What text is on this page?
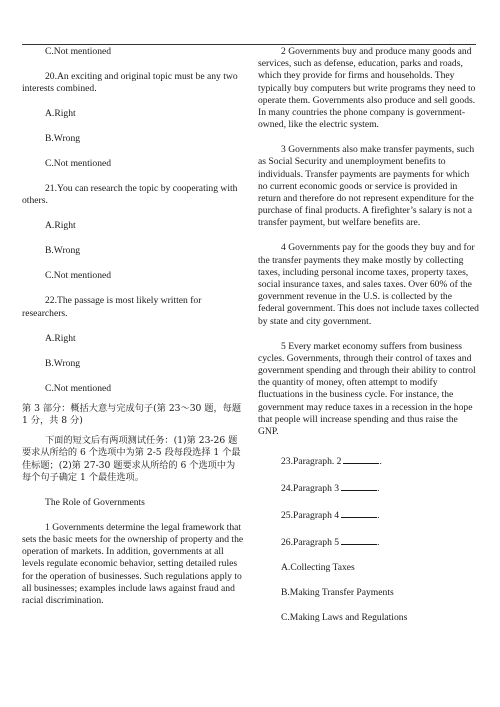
C.Not mentioned

20.An exciting and original topic must be any two interests combined.

A.Right

B.Wrong

C.Not mentioned

21.You can research the topic by cooperating with others.

A.Right

B.Wrong

C.Not mentioned

22.The passage is most likely written for researchers.

A.Right

B.Wrong

C.Not mentioned

第 3 部分：概括大意与完成句子(第 23～30 题，每题 1 分，共 8 分)

下面的短文后有两项测试任务：(1)第 23-26 题要求从所给的 6 个选项中为第 2-5 段每段选择 1 个最佳标题；(2)第 27-30 题要求从所给的 6 个选项中为每个句子确定 1 个最佳选项。

The Role of Governments

1 Governments determine the legal framework that sets the basic meets for the ownership of property and the operation of markets. In addition, governments at all levels regulate economic behavior, setting detailed rules for the operation of businesses. Such regulations apply to all businesses; examples include laws against fraud and racial discrimination.

2 Governments buy and produce many goods and services, such as defense, education, parks and roads, which they provide for firms and households. They typically buy computers but write programs they need to operate them. Governments also produce and sell goods. In many countries the phone company is government-owned, like the electric system.

3 Governments also make transfer payments, such as Social Security and unemployment benefits to individuals. Transfer payments are payments for which no current economic goods or service is provided in return and therefore do not represent expenditure for the purchase of final products. A firefighter’s salary is not a transfer payment, but welfare benefits are.

4 Governments pay for the goods they buy and for the transfer payments they make mostly by collecting taxes, including personal income taxes, property taxes, social insurance taxes, and sales taxes. Over 60% of the government revenue in the U.S. is collected by the federal government. This does not include taxes collected by state and city government.

5 Every market economy suffers from business cycles. Governments, through their control of taxes and government spending and through their ability to control the quantity of money, often attempt to modify fluctuations in the business cycle. For instance, the government may reduce taxes in a recession in the hope that people will increase spending and thus raise the GNP.

23.Paragraph. 2	.

24.Paragraph 3	.

25.Paragraph 4	.

26.Paragraph 5	.

A.Collecting Taxes

B.Making Transfer Payments

C.Making Laws and Regulations
